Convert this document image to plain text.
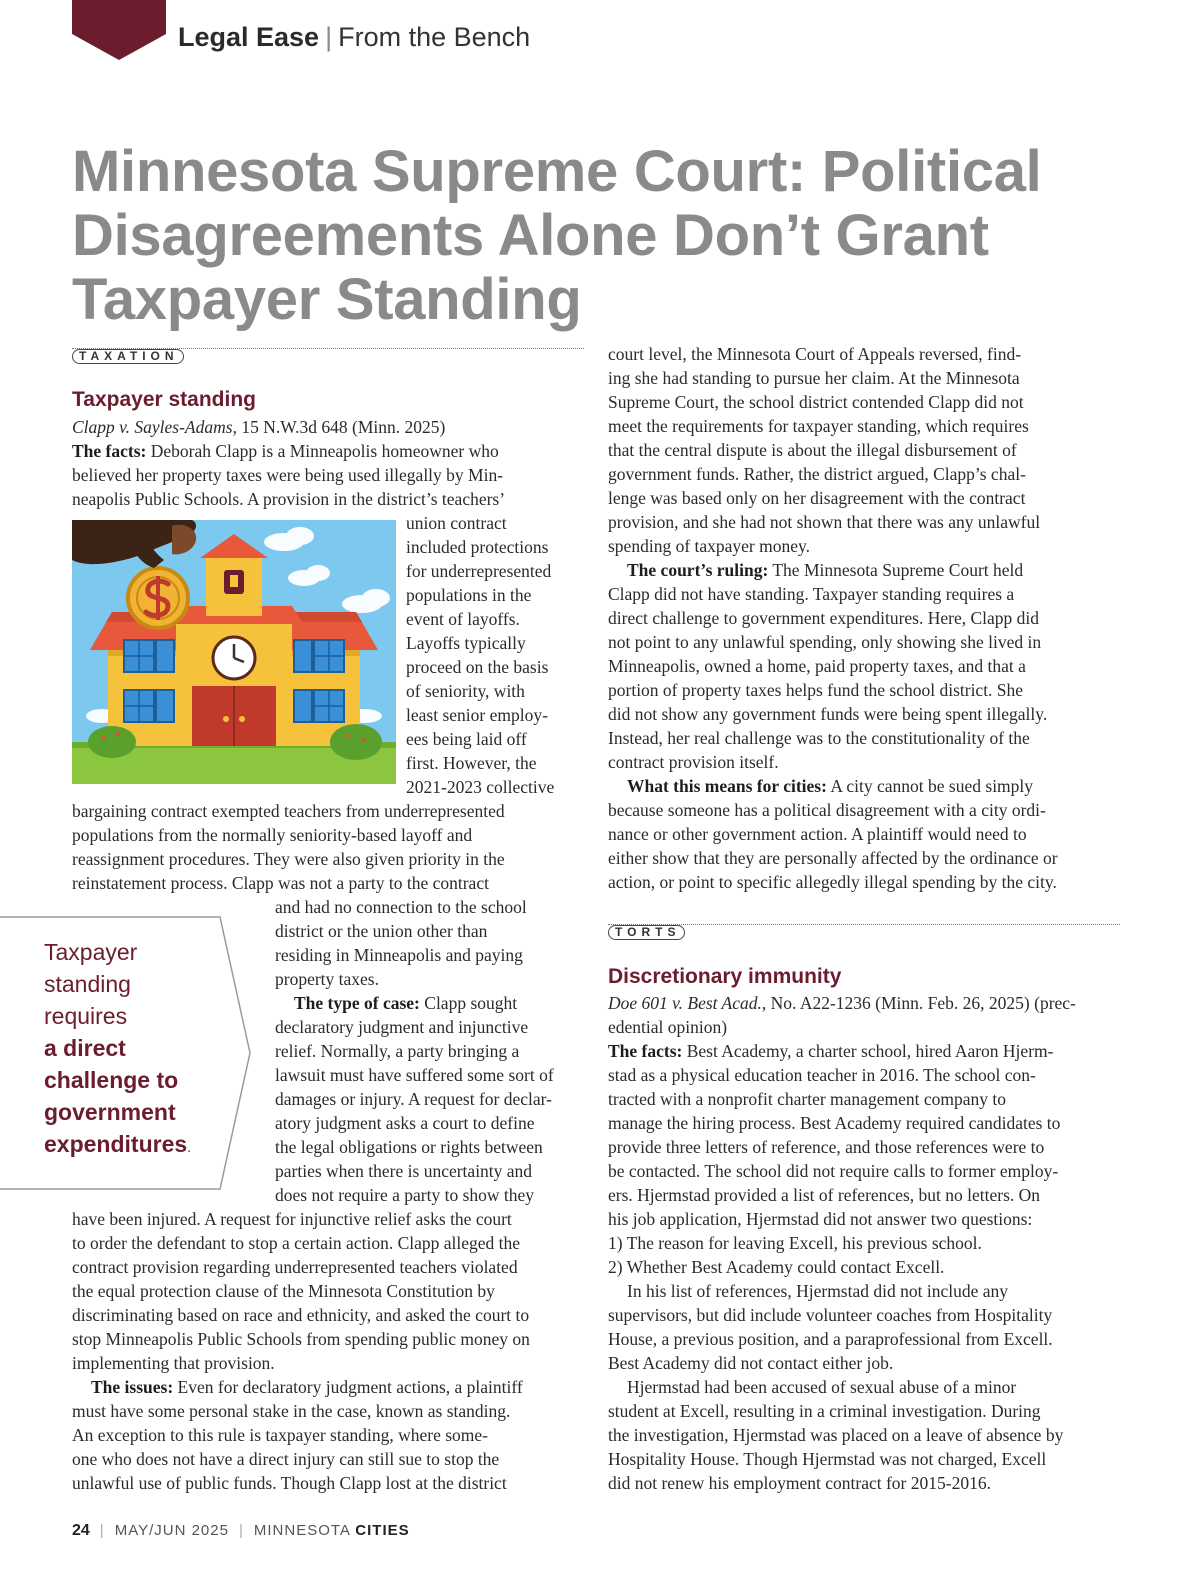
Legal Ease | From the Bench
Minnesota Supreme Court: Political
Disagreements Alone Don’t Grant
Taxpayer Standing
TAXATION
Taxpayer standing
Clapp v. Sayles-Adams, 15 N.W.3d 648 (Minn. 2025)
The facts: Deborah Clapp is a Minneapolis homeowner who
believed her property taxes were being used illegally by Min-
neapolis Public Schools. A provision in the district’s teachers’
union contract
included protections
for underrepresented
populations in the
event of layoffs.
Layoffs typically
proceed on the basis
of seniority, with
least senior employ-
ees being laid off
first. However, the
2021-2023 collective
bargaining contract exempted teachers from underrepresented
populations from the normally seniority-based layoff and
reassignment procedures. They were also given priority in the
reinstatement process. Clapp was not a party to the contract
and had no connection to the school
district or the union other than
residing in Minneapolis and paying
property taxes.
The type of case: Clapp sought
declaratory judgment and injunctive
relief. Normally, a party bringing a
lawsuit must have suffered some sort of
damages or injury. A request for declar-
atory judgment asks a court to define
the legal obligations or rights between
parties when there is uncertainty and
does not require a party to show they
Taxpayer
standing
requires
a direct
challenge to
government
expenditures.
have been injured. A request for injunctive relief asks the court
to order the defendant to stop a certain action. Clapp alleged the
contract provision regarding underrepresented teachers violated
the equal protection clause of the Minnesota Constitution by
discriminating based on race and ethnicity, and asked the court to
stop Minneapolis Public Schools from spending public money on
implementing that provision.
The issues: Even for declaratory judgment actions, a plaintiff
must have some personal stake in the case, known as standing.
An exception to this rule is taxpayer standing, where some-
one who does not have a direct injury can still sue to stop the
unlawful use of public funds. Though Clapp lost at the district
court level, the Minnesota Court of Appeals reversed, find-
ing she had standing to pursue her claim. At the Minnesota
Supreme Court, the school district contended Clapp did not
meet the requirements for taxpayer standing, which requires
that the central dispute is about the illegal disbursement of
government funds. Rather, the district argued, Clapp’s chal-
lenge was based only on her disagreement with the contract
provision, and she had not shown that there was any unlawful
spending of taxpayer money.
The court’s ruling: The Minnesota Supreme Court held
Clapp did not have standing. Taxpayer standing requires a
direct challenge to government expenditures. Here, Clapp did
not point to any unlawful spending, only showing she lived in
Minneapolis, owned a home, paid property taxes, and that a
portion of property taxes helps fund the school district. She
did not show any government funds were being spent illegally.
Instead, her real challenge was to the constitutionality of the
contract provision itself.
What this means for cities: A city cannot be sued simply
because someone has a political disagreement with a city ordi-
nance or other government action. A plaintiff would need to
either show that they are personally affected by the ordinance or
action, or point to specific allegedly illegal spending by the city.
TORTS
Discretionary immunity
Doe 601 v. Best Acad., No. A22-1236 (Minn. Feb. 26, 2025) (prec-
edential opinion)
The facts: Best Academy, a charter school, hired Aaron Hjerm-
stad as a physical education teacher in 2016. The school con-
tracted with a nonprofit charter management company to
manage the hiring process. Best Academy required candidates to
provide three letters of reference, and those references were to
be contacted. The school did not require calls to former employ-
ers. Hjermstad provided a list of references, but no letters. On
his job application, Hjermstad did not answer two questions:
1) The reason for leaving Excell, his previous school.
2) Whether Best Academy could contact Excell.
In his list of references, Hjermstad did not include any
supervisors, but did include volunteer coaches from Hospitality
House, a previous position, and a paraprofessional from Excell.
Best Academy did not contact either job.
Hjermstad had been accused of sexual abuse of a minor
student at Excell, resulting in a criminal investigation. During
the investigation, Hjermstad was placed on a leave of absence by
Hospitality House. Though Hjermstad was not charged, Excell
did not renew his employment contract for 2015-2016.
24 | MAY/JUN 2025 | MINNESOTA CITIES
